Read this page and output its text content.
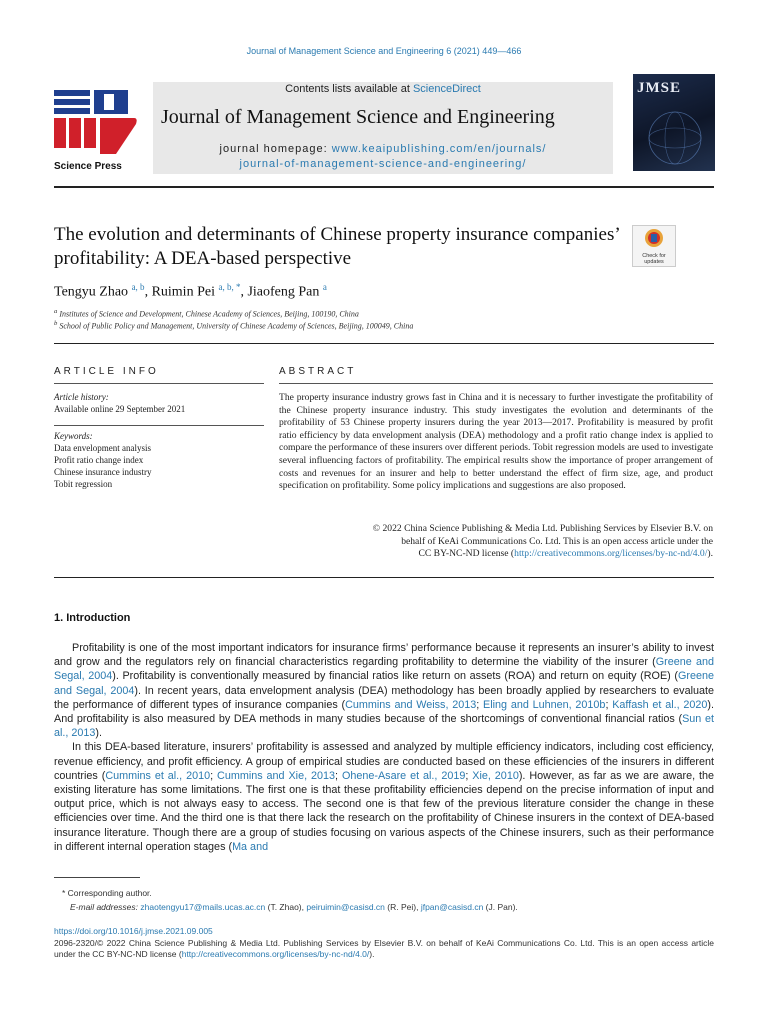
Journal of Management Science and Engineering 6 (2021) 449—466
Science Press
Contents lists available at ScienceDirect
Journal of Management Science and Engineering
journal homepage: www.keaipublishing.com/en/journals/
journal-of-management-science-and-engineering/
JMSE
The evolution and determinants of Chinese property insurance companies’ profitability: A DEA-based perspective	Check for
updates
Tengyu Zhao $^{a, b}$, Ruimin Pei $^{a, b, *}$, Jiaofeng Pan $^a$
$^a$ Institutes of Science and Development, Chinese Academy of Sciences, Beijing, 100190, China
$^b$ School of Public Policy and Management, University of Chinese Academy of Sciences, Beijing, 100049, China
ARTICLE INFO
Article history:
Available online 29 September 2021
Keywords:
Data envelopment analysis
Profit ratio change index
Chinese insurance industry
Tobit regression
ABSTRACT
The property insurance industry grows fast in China and it is necessary to further investigate the profitability of the Chinese property insurance industry. This study investigates the evolution and determinants of the profitability of 53 Chinese property insurers during the year 2013—2017. Profitability is measured by profit ratio efficiency by data envelopment analysis (DEA) methodology and a profit ratio change index is applied to compare the performance of these insurers over different periods. Tobit regression models are used to investigate several influencing factors of profitability. The empirical results show the importance of proper arrangement of costs and revenues for an insurer and help to better understand the effect of firm size, age, and product specification on profitability. Some policy implications and suggestions are also proposed.
© 2022 China Science Publishing & Media Ltd. Publishing Services by Elsevier B.V. on
behalf of KeAi Communications Co. Ltd. This is an open access article under the
CC BY-NC-ND license (http://creativecommons.org/licenses/by-nc-nd/4.0/).
1. Introduction

Profitability is one of the most important indicators for insurance firms’ performance because it represents an insurer’s ability to invest and grow and the regulators rely on financial characteristics regarding profitability to determine the viability of the insurer (Greene and Segal, 2004). Profitability is conventionally measured by financial ratios like return on assets (ROA) and return on equity (ROE) (Greene and Segal, 2004). In recent years, data envelopment analysis (DEA) methodology has been broadly applied by researchers to evaluate the performance of different types of insurance companies (Cummins and Weiss, 2013; Eling and Luhnen, 2010b; Kaffash et al., 2020). And profitability is also measured by DEA methods in many studies because of the shortcomings of conventional financial ratios (Sun et al., 2013).

In this DEA-based literature, insurers’ profitability is assessed and analyzed by multiple efficiency indicators, including cost efficiency, revenue efficiency, and profit efficiency. A group of empirical studies are conducted based on these efficiencies of the insurers in different countries (Cummins et al., 2010; Cummins and Xie, 2013; Ohene-Asare et al., 2019; Xie, 2010). However, as far as we are aware, the existing literature has some limitations. The first one is that these profitability efficiencies depend on the precise information of input and output price, which is not always easy to access. The second one is that few of the previous literature consider the change in these efficiencies over time. And the third one is that there lack the research on the profitability of Chinese insurers in the context of DEA-based insurance literature. Though there are a group of studies focusing on various aspects of the Chinese insurers, such as their performance in different internal operation stages (Ma and

* Corresponding author.
E-mail addresses: zhaotengyu17@mails.ucas.ac.cn (T. Zhao), peiruimin@casisd.cn (R. Pei), jfpan@casisd.cn (J. Pan).
https://doi.org/10.1016/j.jmse.2021.09.005
2096-2320/© 2022 China Science Publishing & Media Ltd. Publishing Services by Elsevier B.V. on behalf of KeAi Communications Co. Ltd. This is an open access article under the CC BY-NC-ND license (http://creativecommons.org/licenses/by-nc-nd/4.0/).
